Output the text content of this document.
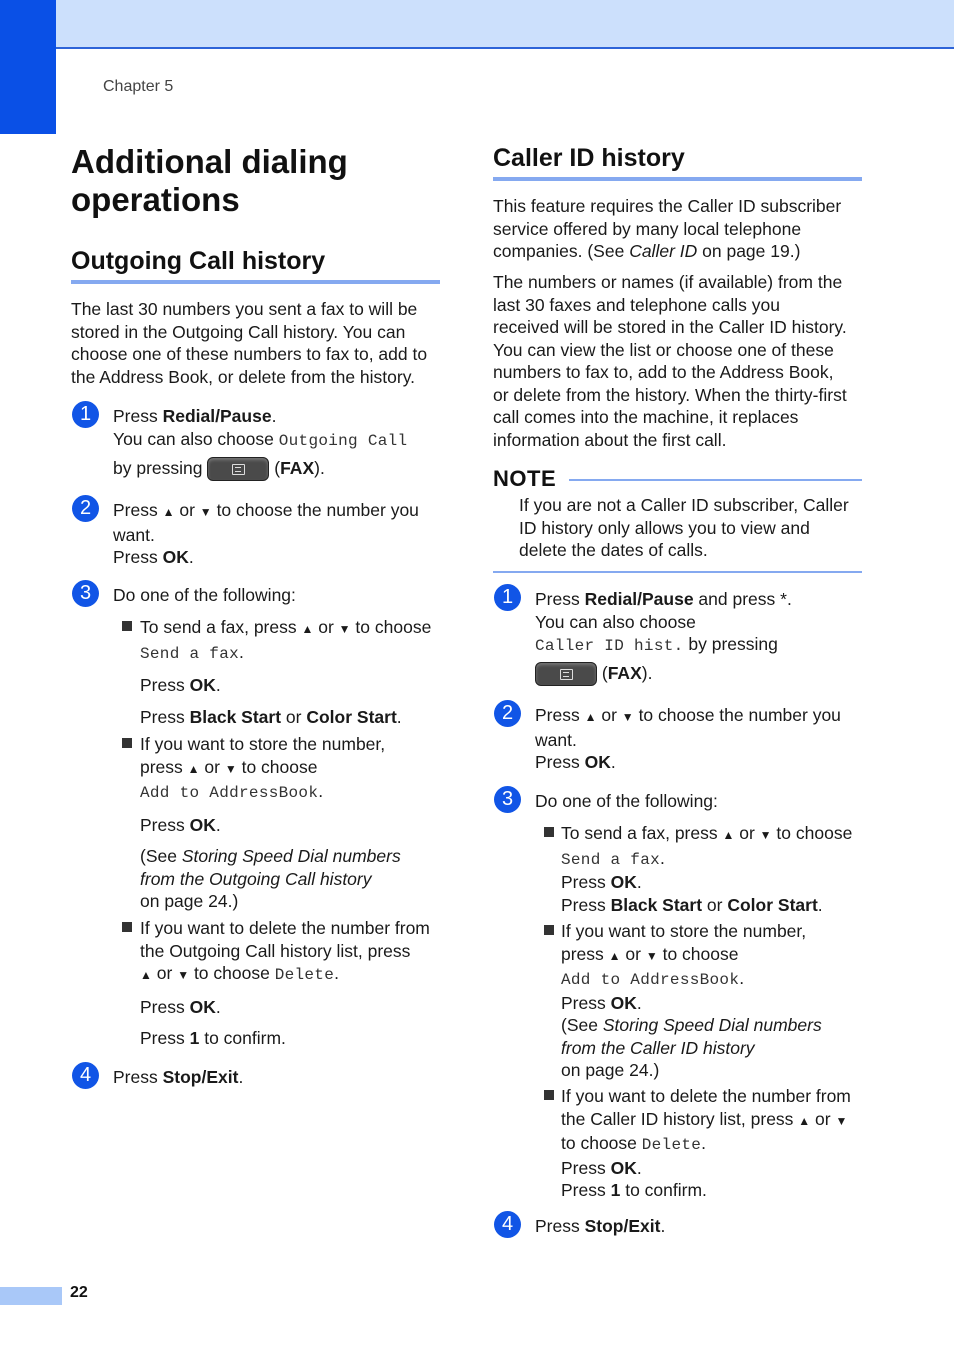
Chapter 5
22
Additional dialing
operations
Outgoing Call history
The last 30 numbers you sent a fax to will be
stored in the Outgoing Call history. You can
choose one of these numbers to fax to, add to
the Address Book, or delete from the history.
1	Press Redial/Pause.
You can also choose Outgoing Call
by pressing	(FAX).
2	Press ▲ or ▼ to choose the number you
want.
Press OK.
3	Do one of the following:
To send a fax, press ▲ or ▼ to choose
Send a fax.
Press OK.
Press Black Start or Color Start.
If you want to store the number,
press ▲ or ▼ to choose
Add to AddressBook.
Press OK.
(See Storing Speed Dial numbers
from the Outgoing Call history
on page 24.)
If you want to delete the number from
the Outgoing Call history list, press
▲ or ▼ to choose Delete.
Press OK.
Press 1 to confirm.
4	Press Stop/Exit.
Caller ID history
This feature requires the Caller ID subscriber
service offered by many local telephone
companies. (See Caller ID on page 19.)
The numbers or names (if available) from the
last 30 faxes and telephone calls you
received will be stored in the Caller ID history.
You can view the list or choose one of these
numbers to fax to, add to the Address Book,
or delete from the history. When the thirty-first
call comes into the machine, it replaces
information about the first call.
NOTE
If you are not a Caller ID subscriber, Caller
ID history only allows you to view and
delete the dates of calls.
1	Press Redial/Pause and press *.
You can also choose
Caller ID hist. by pressing
(FAX).
2	Press ▲ or ▼ to choose the number you
want.
Press OK.
3	Do one of the following:
To send a fax, press ▲ or ▼ to choose
Send a fax.
Press OK.
Press Black Start or Color Start.
If you want to store the number,
press ▲ or ▼ to choose
Add to AddressBook.
Press OK.
(See Storing Speed Dial numbers
from the Caller ID history
on page 24.)
If you want to delete the number from
the Caller ID history list, press ▲ or ▼
to choose Delete.
Press OK.
Press 1 to confirm.
4	Press Stop/Exit.
